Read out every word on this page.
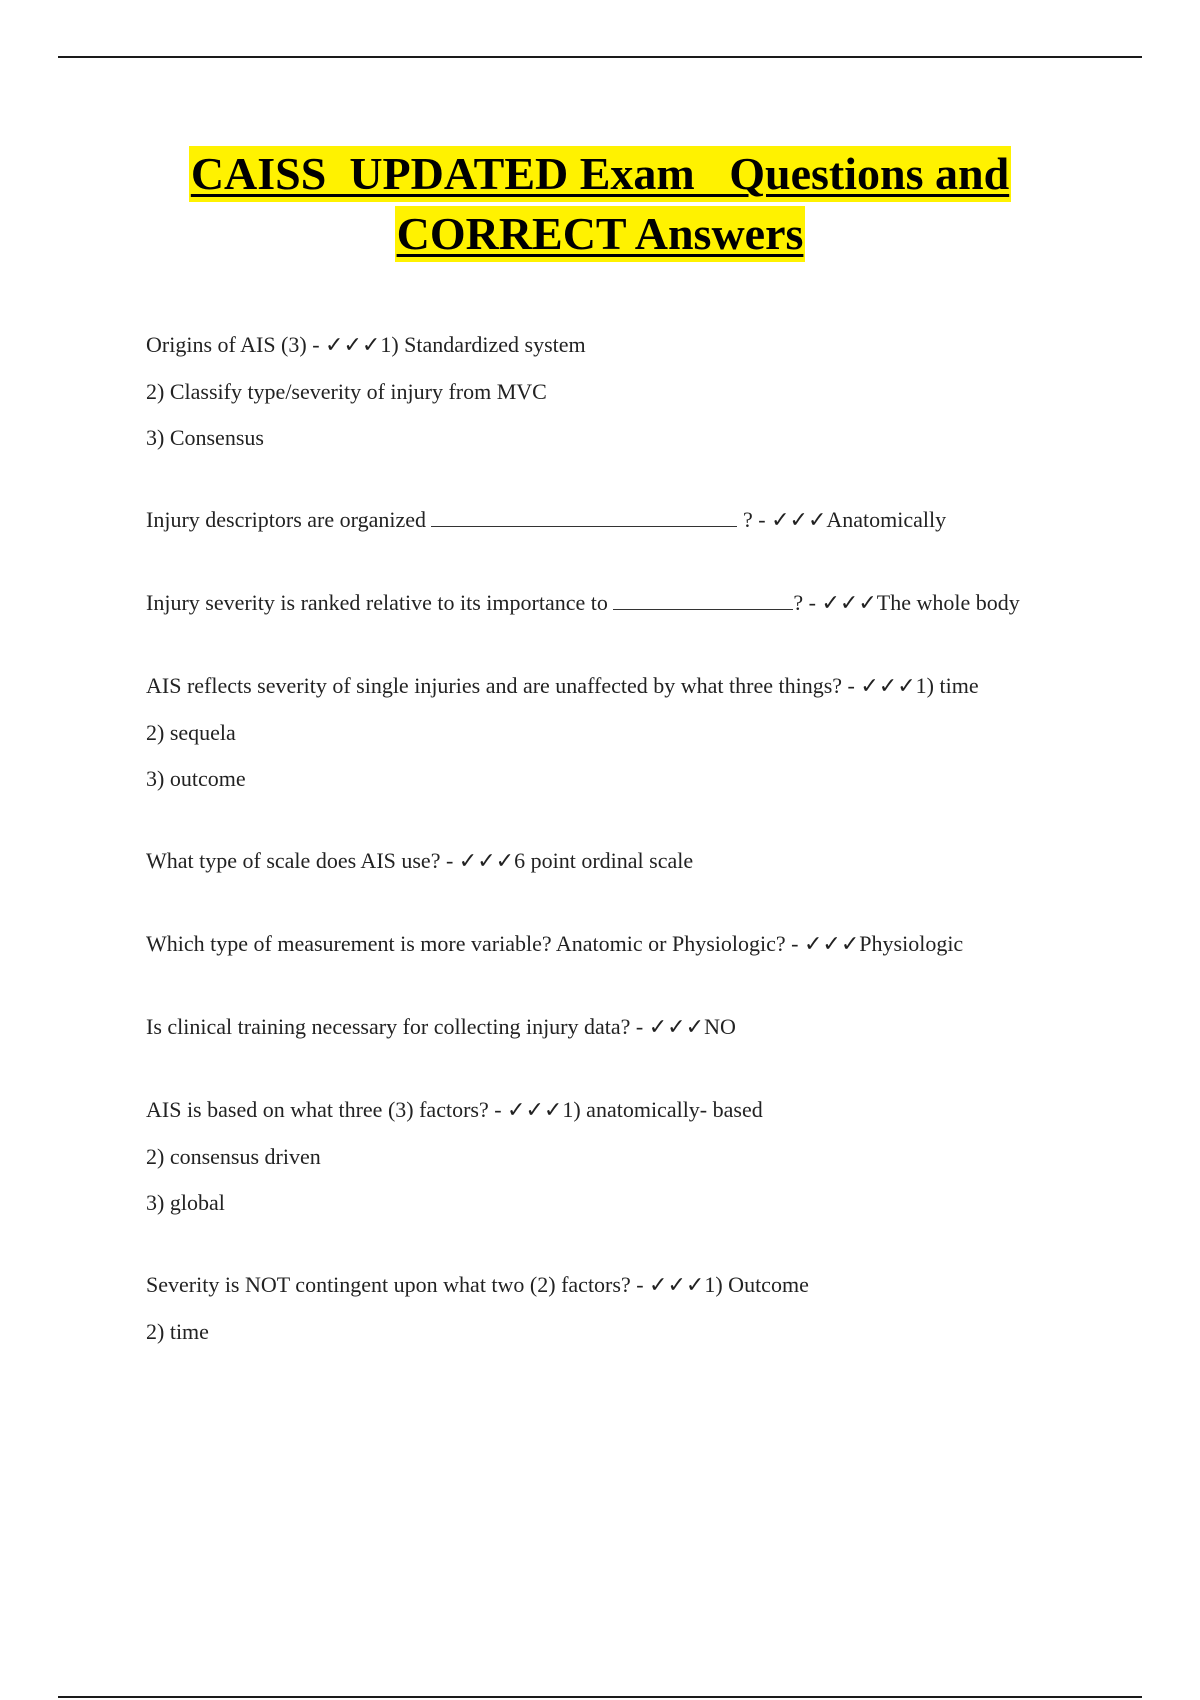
CAISS  UPDATED Exam   Questions and
CORRECT Answers

Origins of AIS (3) - ✓✓✓1) Standardized system

2) Classify type/severity of injury from MVC

3) Consensus

Injury descriptors are organized	? - ✓✓✓Anatomically

Injury severity is ranked relative to its importance to	? - ✓✓✓The whole body

AIS reflects severity of single injuries and are unaffected by what three things? - ✓✓✓1) time

2) sequela

3) outcome

What type of scale does AIS use? - ✓✓✓6 point ordinal scale

Which type of measurement is more variable? Anatomic or Physiologic? - ✓✓✓Physiologic

Is clinical training necessary for collecting injury data? - ✓✓✓NO

AIS is based on what three (3) factors? - ✓✓✓1) anatomically- based

2) consensus driven

3) global

Severity is NOT contingent upon what two (2) factors? - ✓✓✓1) Outcome

2) time
